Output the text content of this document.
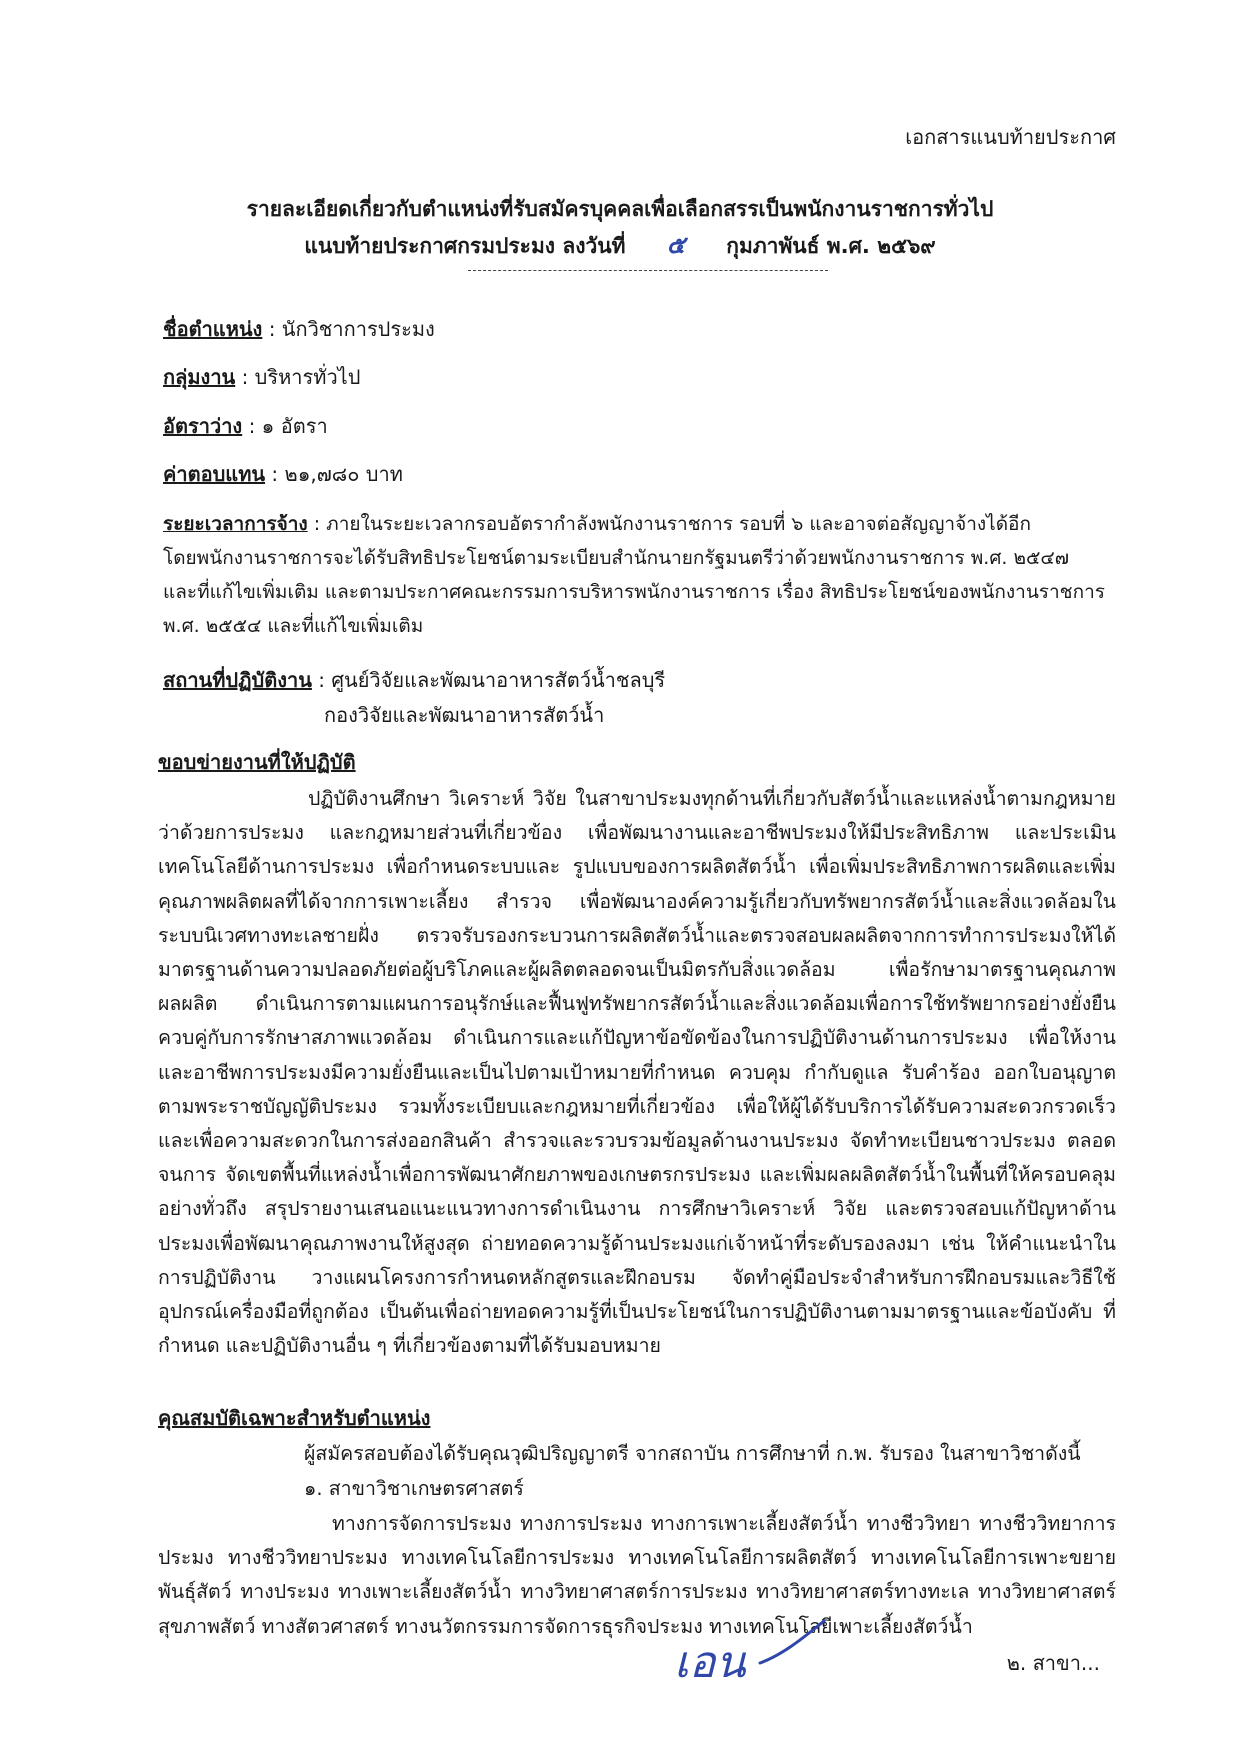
เอกสารแนบท้ายประกาศ
รายละเอียดเกี่ยวกับตำแหน่งที่รับสมัครบุคคลเพื่อเลือกสรรเป็นพนักงานราชการทั่วไป
แนบท้ายประกาศกรมประมง ลงวันที่ ๕ กุมภาพันธ์ พ.ศ. ๒๕๖๙
ชื่อตำแหน่ง : นักวิชาการประมง
กลุ่มงาน : บริหารทั่วไป
อัตราว่าง : ๑ อัตรา
ค่าตอบแทน : ๒๑,๗๘๐ บาท
ระยะเวลาการจ้าง : ภายในระยะเวลากรอบอัตรากำลังพนักงานราชการ รอบที่ ๖ และอาจต่อสัญญาจ้างได้อีก
โดยพนักงานราชการจะได้รับสิทธิประโยชน์ตามระเบียบสำนักนายกรัฐมนตรีว่าด้วยพนักงานราชการ พ.ศ. ๒๕๔๗
และที่แก้ไขเพิ่มเติม และตามประกาศคณะกรรมการบริหารพนักงานราชการ เรื่อง สิทธิประโยชน์ของพนักงานราชการ
พ.ศ. ๒๕๕๔ และที่แก้ไขเพิ่มเติม
สถานที่ปฏิบัติงาน : ศูนย์วิจัยและพัฒนาอาหารสัตว์น้ำชลบุรี
กองวิจัยและพัฒนาอาหารสัตว์น้ำ
ขอบข่ายงานที่ให้ปฏิบัติ
ปฏิบัติงานศึกษา วิเคราะห์ วิจัย ในสาขาประมงทุกด้านที่เกี่ยวกับสัตว์น้ำและแหล่งน้ำตามกฎหมายว่าด้วยการประมง และกฎหมายส่วนที่เกี่ยวข้อง เพื่อพัฒนางานและอาชีพประมงให้มีประสิทธิภาพ และประเมินเทคโนโลยีด้านการประมง เพื่อกำหนดระบบและ รูปแบบของการผลิตสัตว์น้ำ เพื่อเพิ่มประสิทธิภาพการผลิตและเพิ่มคุณภาพผลิตผลที่ได้จากการเพาะเลี้ยง สำรวจ เพื่อพัฒนาองค์ความรู้เกี่ยวกับทรัพยากรสัตว์น้ำและสิ่งแวดล้อมในระบบนิเวศทางทะเลชายฝั่ง ตรวจรับรองกระบวนการผลิตสัตว์น้ำและตรวจสอบผลผลิตจากการทำการประมงให้ได้มาตรฐานด้านความปลอดภัยต่อผู้บริโภคและผู้ผลิตตลอดจนเป็นมิตรกับสิ่งแวดล้อม เพื่อรักษามาตรฐานคุณภาพผลผลิต ดำเนินการตามแผนการอนุรักษ์และฟื้นฟูทรัพยากรสัตว์น้ำและสิ่งแวดล้อมเพื่อการใช้ทรัพยากรอย่างยั่งยืนควบคู่กับการรักษาสภาพแวดล้อม ดำเนินการและแก้ปัญหาข้อขัดข้องในการปฏิบัติงานด้านการประมง เพื่อให้งานและอาชีพการประมงมีความยั่งยืนและเป็นไปตามเป้าหมายที่กำหนด ควบคุม กำกับดูแล รับคำร้อง ออกใบอนุญาตตามพระราชบัญญัติประมง รวมทั้งระเบียบและกฎหมายที่เกี่ยวข้อง เพื่อให้ผู้ได้รับบริการได้รับความสะดวกรวดเร็ว และเพื่อความสะดวกในการส่งออกสินค้า สำรวจและรวบรวมข้อมูลด้านงานประมง จัดทำทะเบียนชาวประมง ตลอดจนการ จัดเขตพื้นที่แหล่งน้ำเพื่อการพัฒนาศักยภาพของเกษตรกรประมง และเพิ่มผลผลิตสัตว์น้ำในพื้นที่ให้ครอบคลุมอย่างทั่วถึง สรุปรายงานเสนอแนะแนวทางการดำเนินงาน การศึกษาวิเคราะห์ วิจัย และตรวจสอบแก้ปัญหาด้านประมงเพื่อพัฒนาคุณภาพงานให้สูงสุด ถ่ายทอดความรู้ด้านประมงแก่เจ้าหน้าที่ระดับรองลงมา เช่น ให้คำแนะนำในการปฏิบัติงาน วางแผนโครงการกำหนดหลักสูตรและฝึกอบรม จัดทำคู่มือประจำสำหรับการฝึกอบรมและวิธีใช้อุปกรณ์เครื่องมือที่ถูกต้อง เป็นต้นเพื่อถ่ายทอดความรู้ที่เป็นประโยชน์ในการปฏิบัติงานตามมาตรฐานและข้อบังคับ ที่กำหนด และปฏิบัติงานอื่น ๆ ที่เกี่ยวข้องตามที่ได้รับมอบหมาย
คุณสมบัติเฉพาะสำหรับตำแหน่ง
ผู้สมัครสอบต้องได้รับคุณวุฒิปริญญาตรี จากสถาบัน การศึกษาที่ ก.พ. รับรอง ในสาขาวิชาดังนี้
๑. สาขาวิชาเกษตรศาสตร์
ทางการจัดการประมง ทางการประมง ทางการเพาะเลี้ยงสัตว์น้ำ ทางชีววิทยา ทางชีววิทยาการประมง ทางชีววิทยาประมง ทางเทคโนโลยีการประมง ทางเทคโนโลยีการผลิตสัตว์ ทางเทคโนโลยีการเพาะขยายพันธุ์สัตว์ ทางประมง ทางเพาะเลี้ยงสัตว์น้ำ ทางวิทยาศาสตร์การประมง ทางวิทยาศาสตร์ทางทะเล ทางวิทยาศาสตร์สุขภาพสัตว์ ทางสัตวศาสตร์ ทางนวัตกรรมการจัดการธุรกิจประมง ทางเทคโนโลยีเพาะเลี้ยงสัตว์น้ำ
เอน	๒. สาขา...
